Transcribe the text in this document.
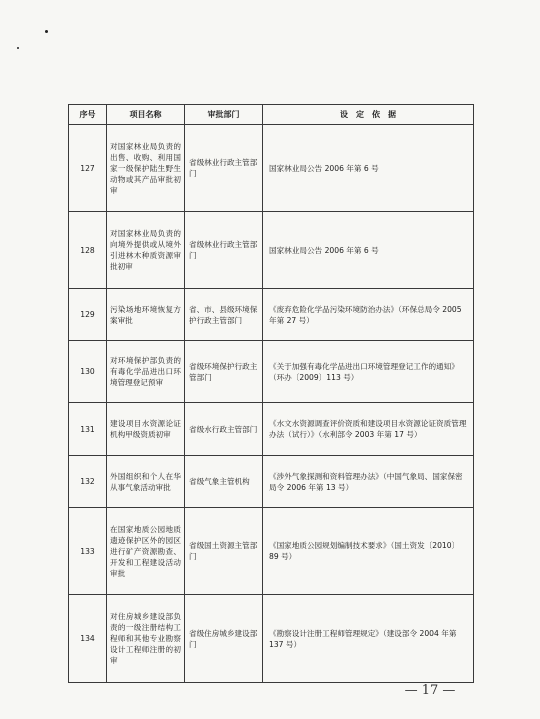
序号	项目名称	审批部门	设　定　依　据
127	对国家林业局负责的出售、收购、利用国家一级保护陆生野生动物或其产品审批初审	省级林业行政主管部门	国家林业局公告 2006 年第 6 号
128	对国家林业局负责的向境外提供或从境外引进林木种质资源审批初审	省级林业行政主管部门	国家林业局公告 2006 年第 6 号
129	污染场地环境恢复方案审批	省、市、县级环境保护行政主管部门	《废弃危险化学品污染环境防治办法》（环保总局令 2005 年第 27 号）
130	对环境保护部负责的有毒化学品进出口环境管理登记预审	省级环境保护行政主管部门	《关于加强有毒化学品进出口环境管理登记工作的通知》（环办〔2009〕113 号）
131	建设项目水资源论证机构甲级资质初审	省级水行政主管部门	《水文水资源调查评价资质和建设项目水资源论证资质管理办法（试行）》（水利部令 2003 年第 17 号）
132	外国组织和个人在华从事气象活动审批	省级气象主管机构	《涉外气象探测和资料管理办法》（中国气象局、国家保密局令 2006 年第 13 号）
133	在国家地质公园地质遗迹保护区外的园区进行矿产资源勘查、开发和工程建设活动审批	省级国土资源主管部门	《国家地质公园规划编制技术要求》（国土资发〔2010〕89 号）
134	对住房城乡建设部负责的一级注册结构工程师和其他专业勘察设计工程师注册的初审	省级住房城乡建设部门	《勘察设计注册工程师管理规定》（建设部令 2004 年第 137 号）
— 17 —
